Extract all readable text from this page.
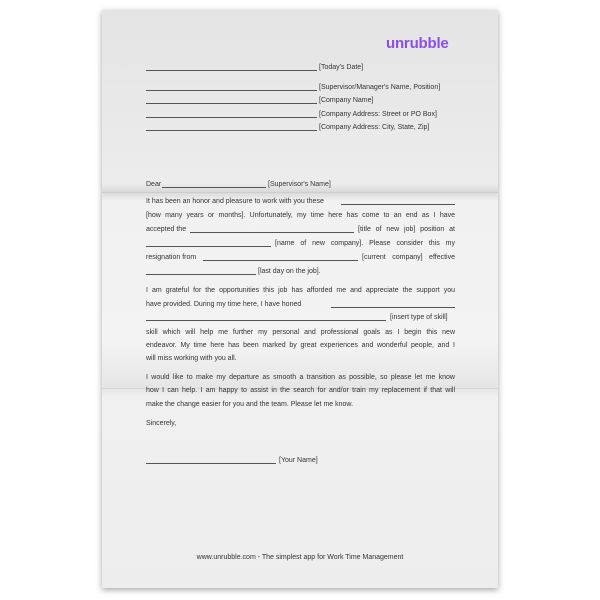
unrubble
[Today's Date]
[Supervisor/Manager's Name, Position]
[Company Name]
[Company Address: Street or PO Box]
[Company Address: City, State, Zip]
Dear	[Supervisor's Name]
It has been an honor and pleasure to work with you these
[how many years or months]. Unfortunately, my time here has come to an end as I have
accepted the	[title of new job] position at
[name of new company]. Please consider this my
resignation from	[current company] effective
[last day on the job].
I am grateful for the opportunities this job has afforded me and appreciate the support you
have provided. During my time here, I have honed
[insert type of skill]
skill which will help me further my personal and professional goals as I begin this new
endeavor. My time here has been marked by great experiences and wonderful people, and I
will miss working with you all.
I would like to make my departure as smooth a transition as possible, so please let me know
how I can help. I am happy to assist in the search for and/or train my replacement if that will
make the change easier for you and the team. Please let me know.
Sincerely,
[Your Name]
www.unrubble.com - The simplest app for Work Time Management
